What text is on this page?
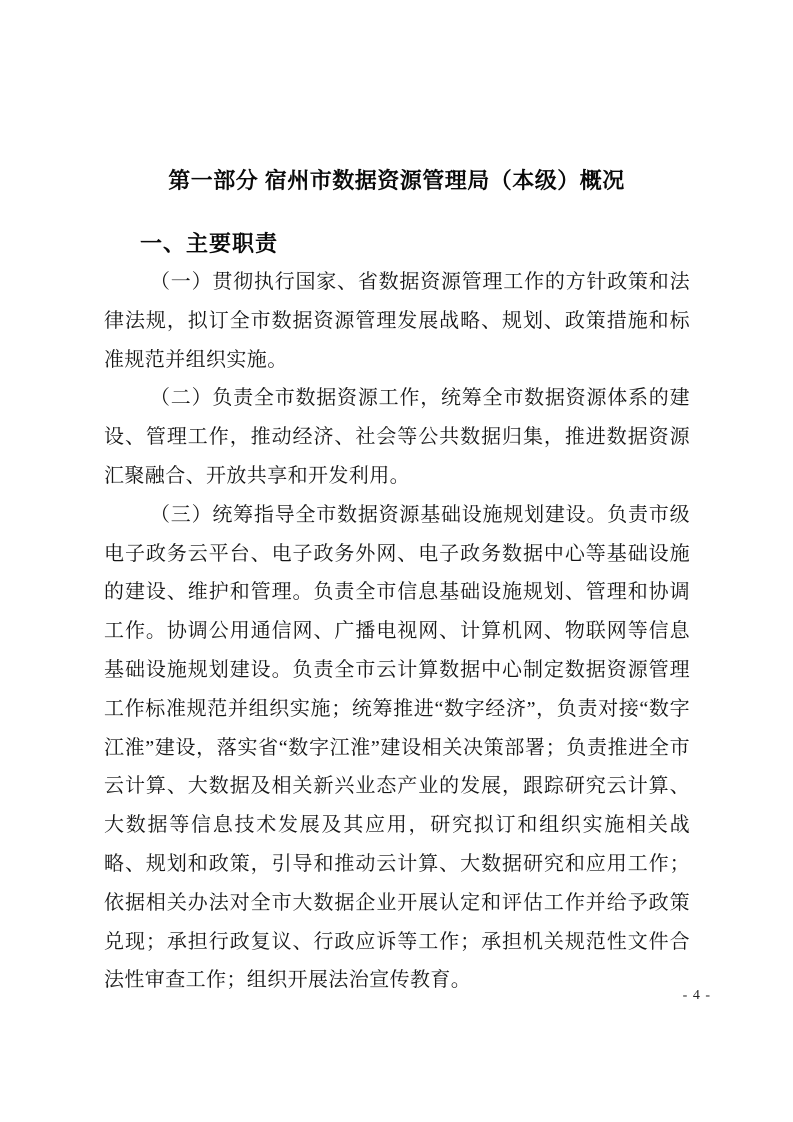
第一部分 宿州市数据资源管理局（本级）概况
一、主要职责

（一）贯彻执行国家、省数据资源管理工作的方针政策和法律法规，拟订全市数据资源管理发展战略、规划、政策措施和标准规范并组织实施。

（二）负责全市数据资源工作，统筹全市数据资源体系的建设、管理工作，推动经济、社会等公共数据归集，推进数据资源汇聚融合、开放共享和开发利用。

（三）统筹指导全市数据资源基础设施规划建设。负责市级电子政务云平台、电子政务外网、电子政务数据中心等基础设施的建设、维护和管理。负责全市信息基础设施规划、管理和协调工作。协调公用通信网、广播电视网、计算机网、物联网等信息基础设施规划建设。负责全市云计算数据中心制定数据资源管理工作标准规范并组织实施；统筹推进“数字经济”，负责对接“数字江淮”建设，落实省“数字江淮”建设相关决策部署；负责推进全市云计算、大数据及相关新兴业态产业的发展，跟踪研究云计算、大数据等信息技术发展及其应用，研究拟订和组织实施相关战略、规划和政策，引导和推动云计算、大数据研究和应用工作；依据相关办法对全市大数据企业开展认定和评估工作并给予政策兑现；承担行政复议、行政应诉等工作；承担机关规范性文件合法性审查工作；组织开展法治宣传教育。

- 4 -
